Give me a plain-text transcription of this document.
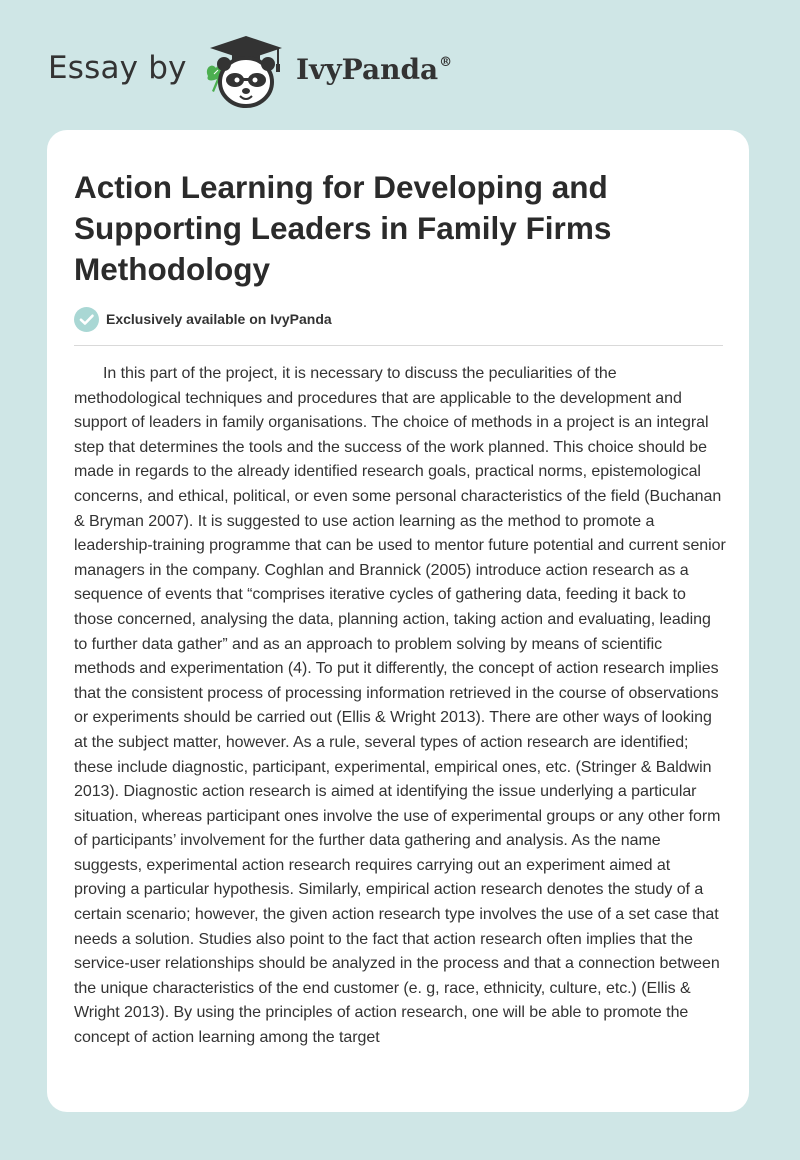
Essay by	IvyPanda®
Action Learning for Developing and Supporting Leaders in Family Firms Methodology
Exclusively available on IvyPanda

In this part of the project, it is necessary to discuss the peculiarities of the methodological techniques and procedures that are applicable to the development and support of leaders in family organisations. The choice of methods in a project is an integral step that determines the tools and the success of the work planned. This choice should be made in regards to the already identified research goals, practical norms, epistemological concerns, and ethical, political, or even some personal characteristics of the field (Buchanan & Bryman 2007). It is suggested to use action learning as the method to promote a leadership-training programme that can be used to mentor future potential and current senior managers in the company. Coghlan and Brannick (2005) introduce action research as a sequence of events that “comprises iterative cycles of gathering data, feeding it back to those concerned, analysing the data, planning action, taking action and evaluating, leading to further data gather” and as an approach to problem solving by means of scientific methods and experimentation (4). To put it differently, the concept of action research implies that the consistent process of processing information retrieved in the course of observations or experiments should be carried out (Ellis & Wright 2013). There are other ways of looking at the subject matter, however. As a rule, several types of action research are identified; these include diagnostic, participant, experimental, empirical ones, etc. (Stringer & Baldwin 2013). Diagnostic action research is aimed at identifying the issue underlying a particular situation, whereas participant ones involve the use of experimental groups or any other form of participants’ involvement for the further data gathering and analysis. As the name suggests, experimental action research requires carrying out an experiment aimed at proving a particular hypothesis. Similarly, empirical action research denotes the study of a certain scenario; however, the given action research type involves the use of a set case that needs a solution. Studies also point to the fact that action research often implies that the service-user relationships should be analyzed in the process and that a connection between the unique characteristics of the end customer (e. g, race, ethnicity, culture, etc.) (Ellis & Wright 2013). By using the principles of action research, one will be able to promote the concept of action learning among the target
